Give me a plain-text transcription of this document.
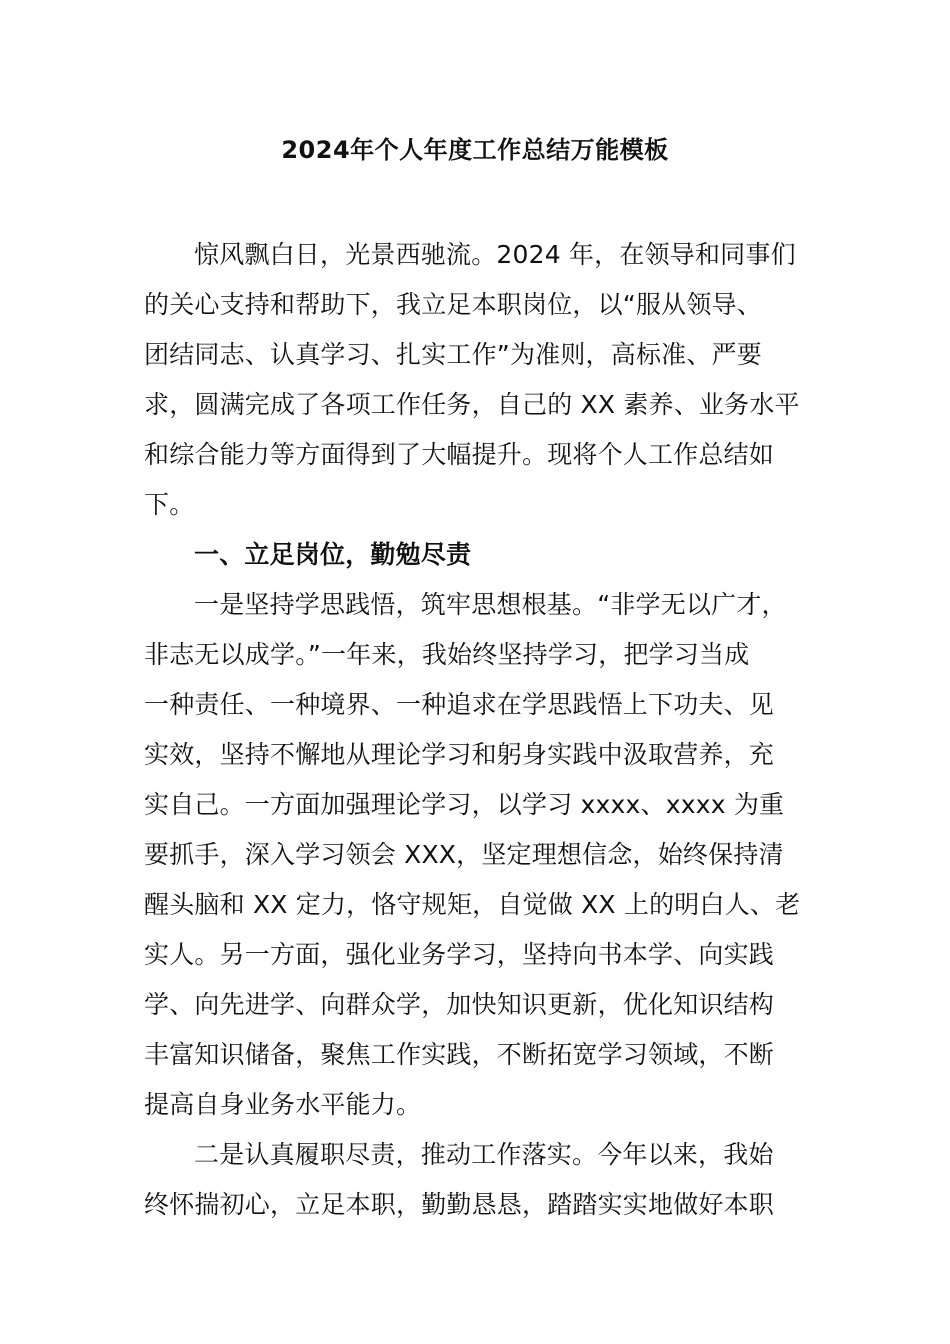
2024年个人年度工作总结万能模板
惊风飘白日，光景西驰流。2024 年，在领导和同事们
的关心支持和帮助下，我立足本职岗位，以“服从领导、
团结同志、认真学习、扎实工作”为准则，高标准、严要
求，圆满完成了各项工作任务，自己的 XX 素养、业务水平
和综合能力等方面得到了大幅提升。现将个人工作总结如
下。
一、立足岗位，勤勉尽责
一是坚持学思践悟，筑牢思想根基。“非学无以广才，
非志无以成学。”一年来，我始终坚持学习，把学习当成
一种责任、一种境界、一种追求在学思践悟上下功夫、见
实效，坚持不懈地从理论学习和躬身实践中汲取营养，充
实自己。一方面加强理论学习，以学习 xxxx、xxxx 为重
要抓手，深入学习领会 XXX，坚定理想信念，始终保持清
醒头脑和 XX 定力，恪守规矩，自觉做 XX 上的明白人、老
实人。另一方面，强化业务学习，坚持向书本学、向实践
学、向先进学、向群众学，加快知识更新，优化知识结构
丰富知识储备，聚焦工作实践，不断拓宽学习领域，不断
提高自身业务水平能力。
二是认真履职尽责，推动工作落实。今年以来，我始
终怀揣初心，立足本职，勤勤恳恳，踏踏实实地做好本职
